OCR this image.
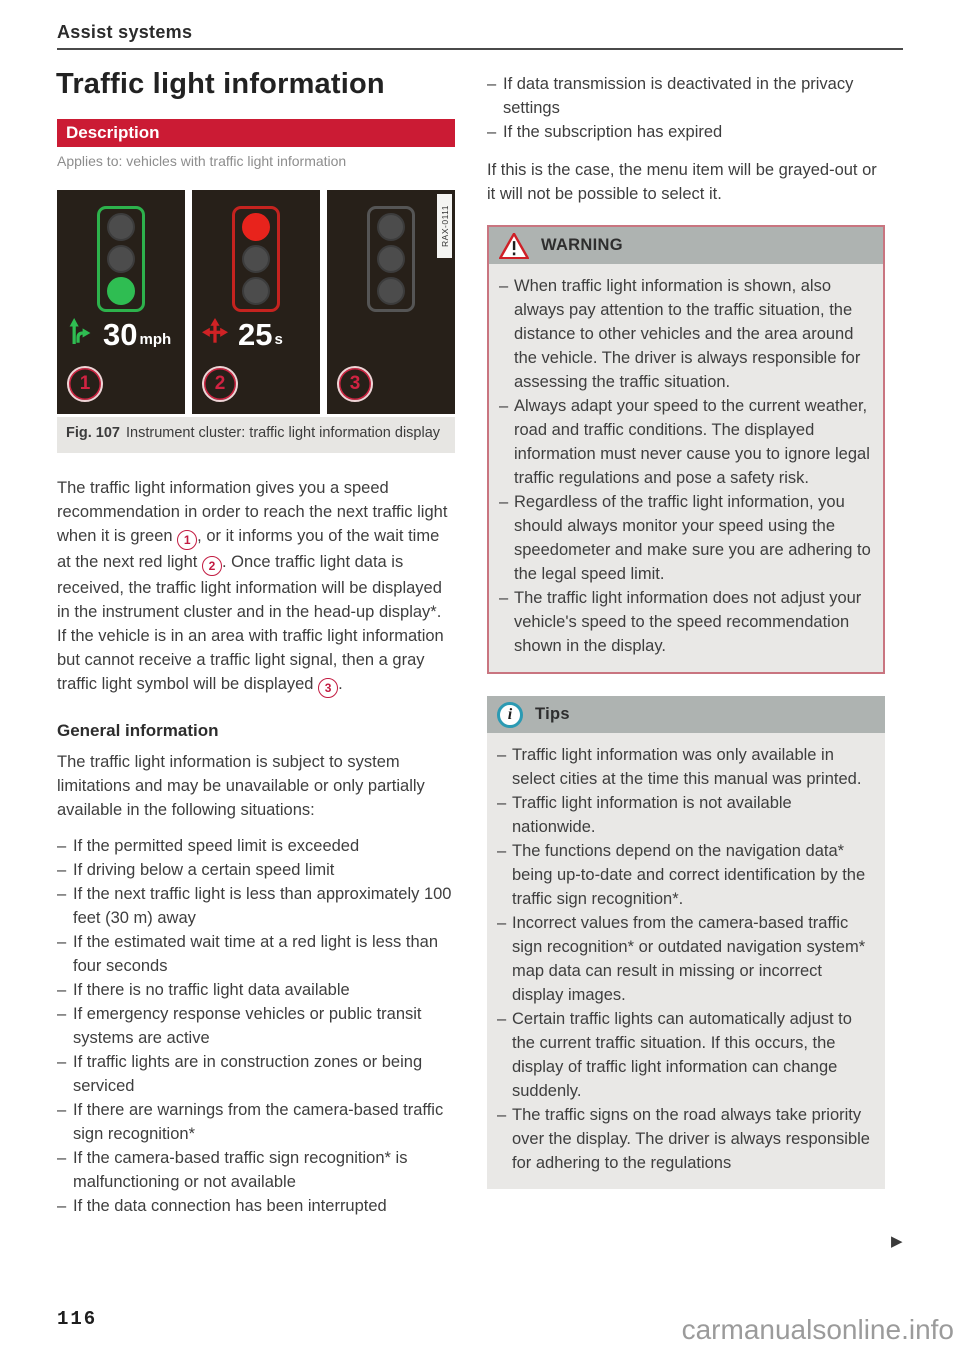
Assist systems
Traffic light information
Description
Applies to: vehicles with traffic light information
30 mph
1
25 s
2	3
RAX-0111
Fig. 107 Instrument cluster: traffic light information display
The traffic light information gives you a speed recommendation in order to reach the next traffic light when it is green 1 , or it informs you of the wait time at the next red light 2 . Once traffic light data is received, the traffic light information will be displayed in the instrument cluster and in the head-up display*. If the vehicle is in an area with traffic light information but cannot receive a traffic light signal, then a gray traffic light symbol will be displayed 3 .
General information
The traffic light information is subject to system limitations and may be unavailable or only partially available in the following situations:
– If the permitted speed limit is exceeded
– If driving below a certain speed limit
– If the next traffic light is less than approximately 100 feet (30 m) away
– If the estimated wait time at a red light is less than four seconds
– If there is no traffic light data available
– If emergency response vehicles or public transit systems are active
– If traffic lights are in construction zones or being serviced
– If there are warnings from the camera-based traffic sign recognition*
– If the camera-based traffic sign recognition* is malfunctioning or not available
– If the data connection has been interrupted
– If data transmission is deactivated in the privacy settings
– If the subscription has expired
If this is the case, the menu item will be grayed-out or it will not be possible to select it.
WARNING
– When traffic light information is shown, also always pay attention to the traffic situation, the distance to other vehicles and the area around the vehicle. The driver is always responsible for assessing the traffic situation.
– Always adapt your speed to the current weather, road and traffic conditions. The displayed information must never cause you to ignore legal traffic regulations and pose a safety risk.
– Regardless of the traffic light information, you should always monitor your speed using the speedometer and make sure you are adhering to the legal speed limit.
– The traffic light information does not adjust your vehicle's speed to the speed recommendation shown in the display.
i	Tips
– Traffic light information was only available in select cities at the time this manual was printed.
– Traffic light information is not available nationwide.
– The functions depend on the navigation data* being up-to-date and correct identification by the traffic sign recognition*.
– Incorrect values from the camera-based traffic sign recognition* or outdated navigation system* map data can result in missing or incorrect display images.
– Certain traffic lights can automatically adjust to the current traffic situation. If this occurs, the display of traffic light information can change suddenly.
– The traffic signs on the road always take priority over the display. The driver is always responsible for adhering to the regulations
▶
116	carmanualsonline.info
